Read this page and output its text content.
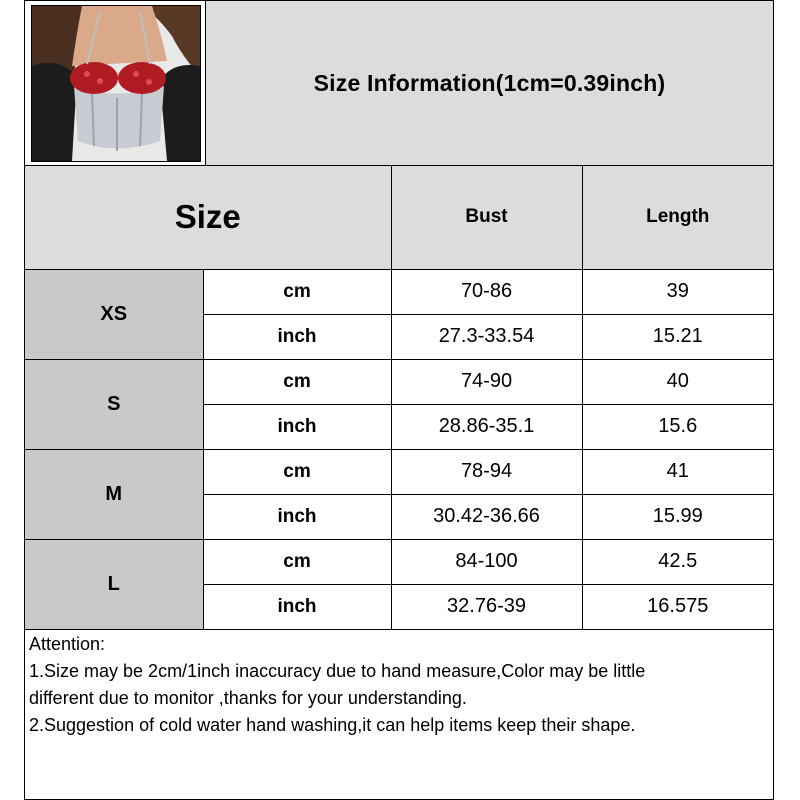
Size Information(1cm=0.39inch)
Size		Bust	Length
XS	cm	70-86	39
	inch	27.3-33.54	15.21
S	cm	74-90	40
	inch	28.86-35.1	15.6
M	cm	78-94	41
	inch	30.42-36.66	15.99
L	cm	84-100	42.5
	inch	32.76-39	16.575
Attention:
1.Size may be 2cm/1inch inaccuracy due to hand measure,Color may be little
different due to monitor ,thanks for your understanding.
2.Suggestion of cold water hand washing,it can help items keep their shape.
